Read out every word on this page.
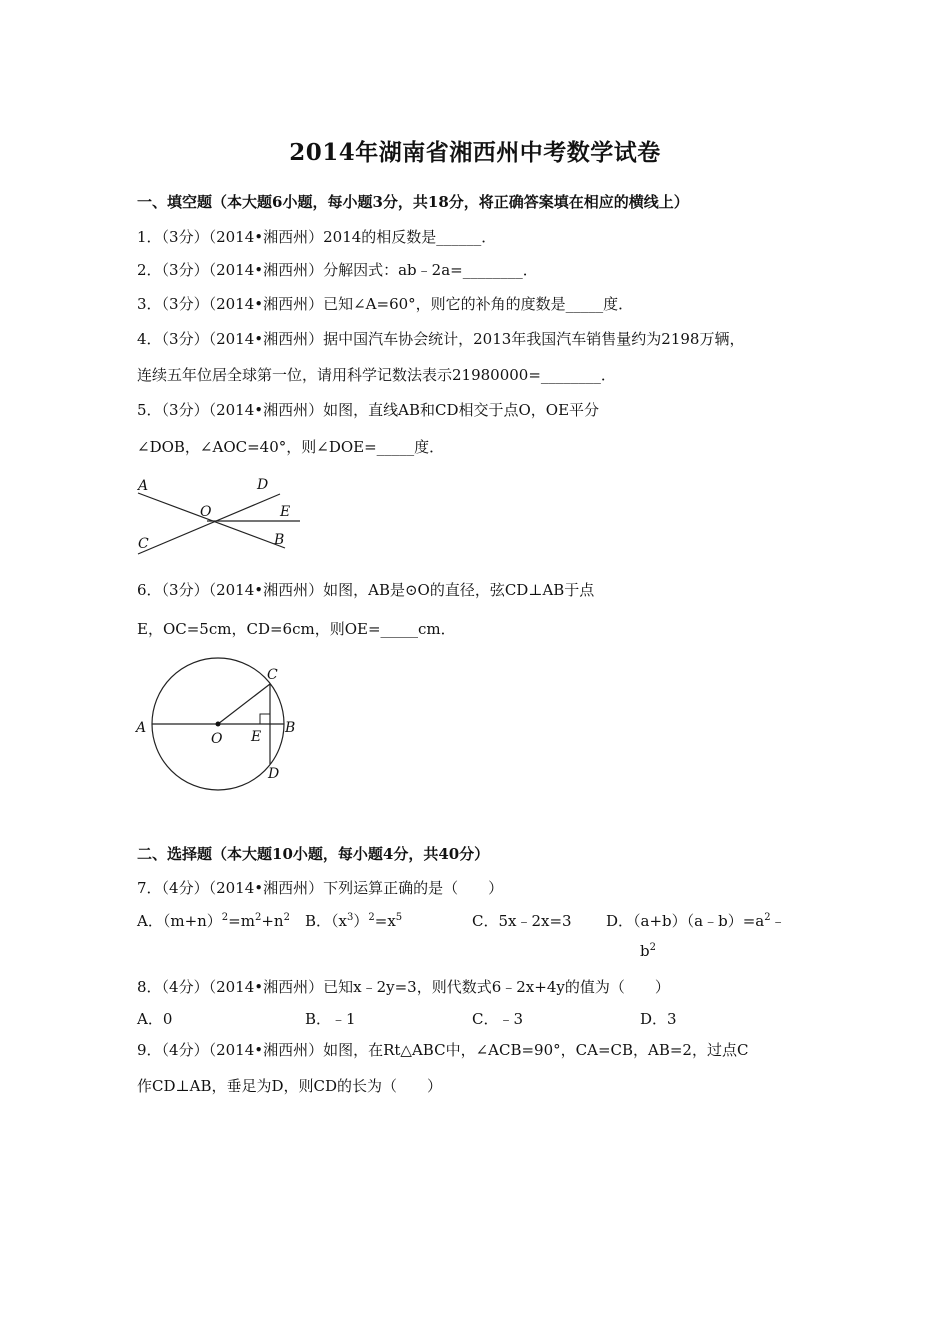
2014年湖南省湘西州中考数学试卷
一、填空题（本大题6小题，每小题3分，共18分，将正确答案填在相应的横线上）
1．（3分）（2014•湘西州）2014的相反数是______．
2．（3分）（2014•湘西州）分解因式：ab﹣2a=________．
3．（3分）（2014•湘西州）已知∠A=60°，则它的补角的度数是_____度．
4．（3分）（2014•湘西州）据中国汽车协会统计，2013年我国汽车销售量约为2198万辆，
连续五年位居全球第一位，请用科学记数法表示21980000=________．
5．（3分）（2014•湘西州）如图，直线AB和CD相交于点O，OE平分
∠DOB，∠AOC=40°，则∠DOE=_____度．
A	D
O	E
C	B
6．（3分）（2014•湘西州）如图，AB是⊙O的直径，弦CD⊥AB于点
E，OC=5cm，CD=6cm，则OE=_____cm．
A
O E
B
C
D
二、选择题（本大题10小题，每小题4分，共40分）
7．（4分）（2014•湘西州）下列运算正确的是（　　）
A．$(m+n)^2=m^2+n^2$ B．$(x^3)^2=x^5$	C．5x﹣2x=3 D．$(a+b)(a﹣b)=a^2﹣$
$b^2$
8．（4分）（2014•湘西州）已知x﹣2y=3，则代数式6﹣2x+4y的值为（　　）
A．0	B．﹣1	C．﹣3	D．3
9．（4分）（2014•湘西州）如图，在Rt△ABC中，∠ACB=90°，CA=CB，AB=2，过点C
作CD⊥AB，垂足为D，则CD的长为（　　）
